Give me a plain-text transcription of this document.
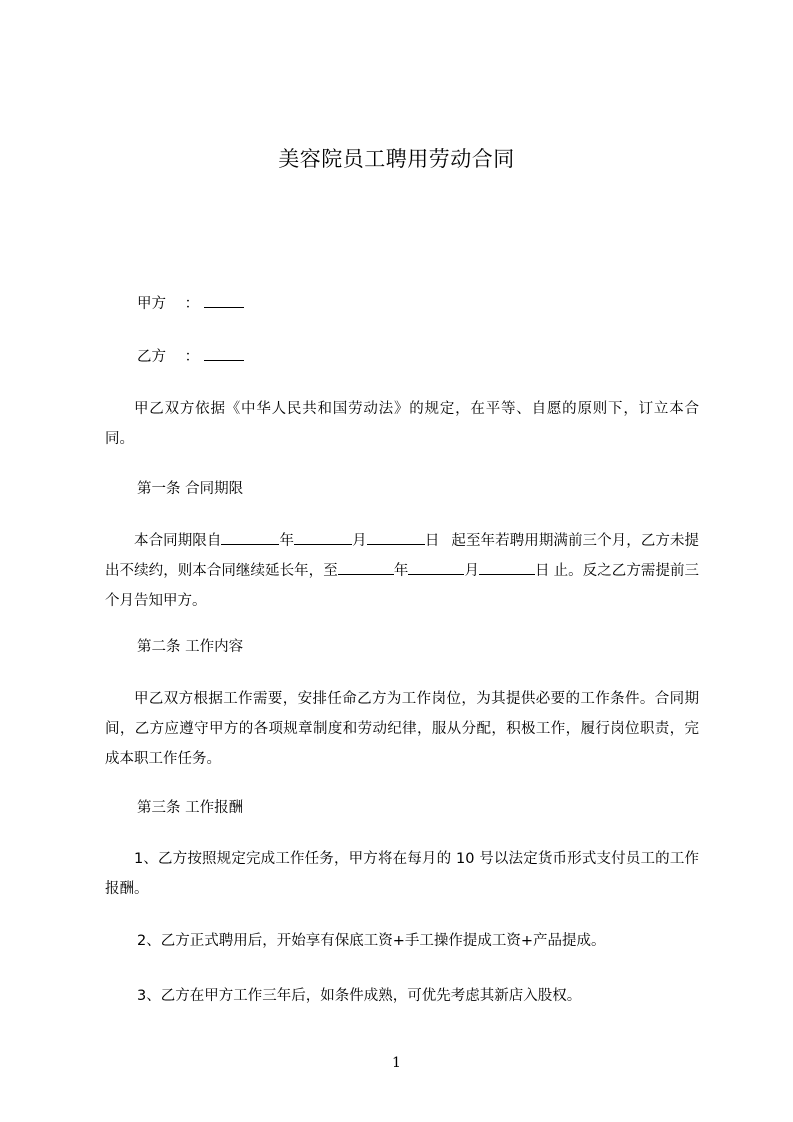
美容院员工聘用劳动合同
甲方 ：
乙方 ：
甲乙双方依据《中华人民共和国劳动法》的规定，在平等、自愿的原则下，订立本合同。
第一条 合同期限
本合同期限自	年	月	日 起至年若聘用期满前三个月，乙方未提出不续约，则本合同继续延长年，至	年	月	日 止。反之乙方需提前三个月告知甲方。
第二条 工作内容
甲乙双方根据工作需要，安排任命乙方为工作岗位，为其提供必要的工作条件。合同期间，乙方应遵守甲方的各项规章制度和劳动纪律，服从分配，积极工作，履行岗位职责，完成本职工作任务。
第三条 工作报酬
1、乙方按照规定完成工作任务，甲方将在每月的 10 号以法定货币形式支付员工的工作报酬。
2、乙方正式聘用后，开始享有保底工资+手工操作提成工资+产品提成。
3、乙方在甲方工作三年后，如条件成熟，可优先考虑其新店入股权。
1
